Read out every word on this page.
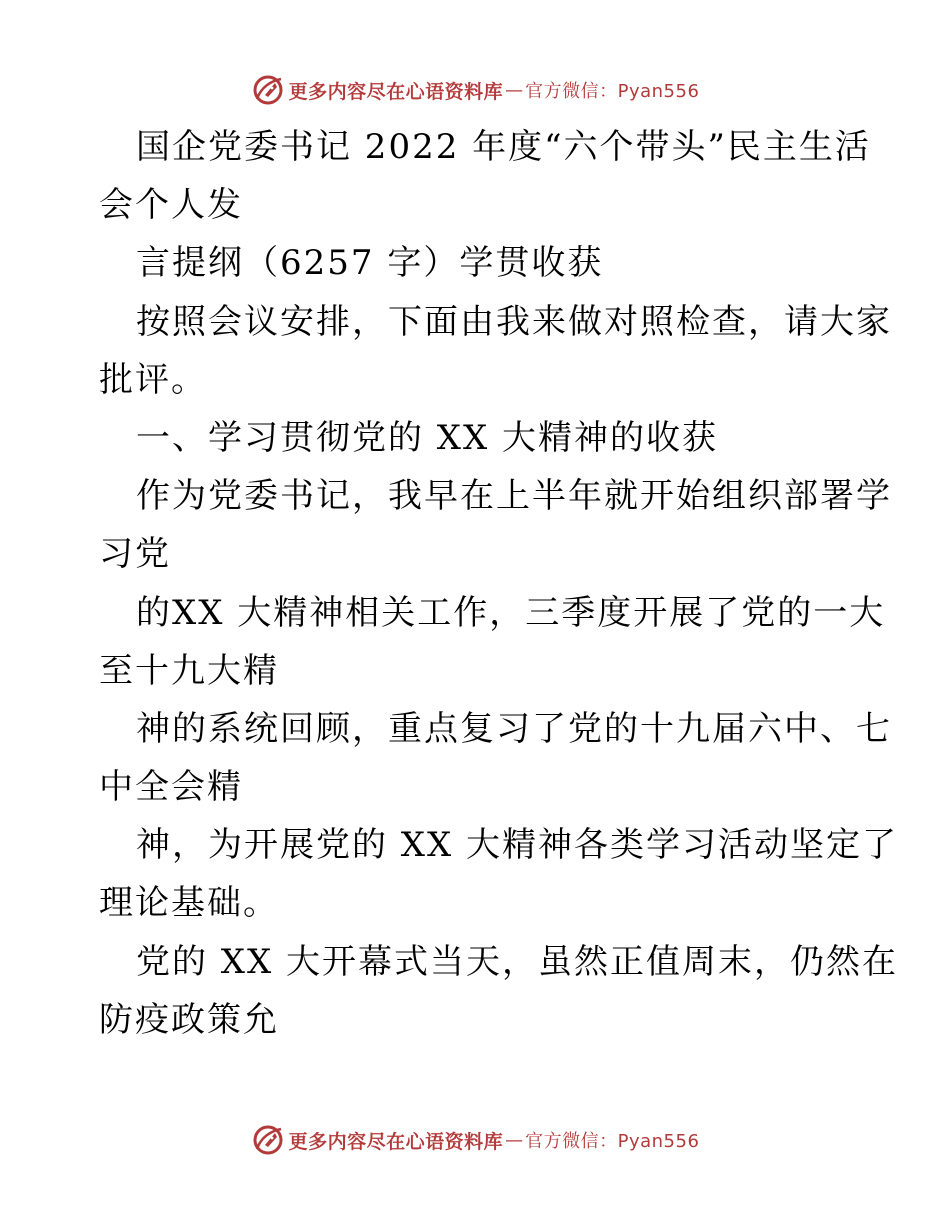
更多内容尽在心语资料库 — 官方微信：Pyan556
国企党委书记 2022 年度“六个带头”民主生活
会个人发
言提纲（6257 字）学贯收获
按照会议安排，下面由我来做对照检查，请大家
批评。
一、学习贯彻党的 XX 大精神的收获
作为党委书记，我早在上半年就开始组织部署学
习党
的XX 大精神相关工作，三季度开展了党的一大
至十九大精
神的系统回顾，重点复习了党的十九届六中、七
中全会精
神，为开展党的 XX 大精神各类学习活动坚定了
理论基础。
党的 XX 大开幕式当天，虽然正值周末，仍然在
防疫政策允
更多内容尽在心语资料库 — 官方微信：Pyan556
